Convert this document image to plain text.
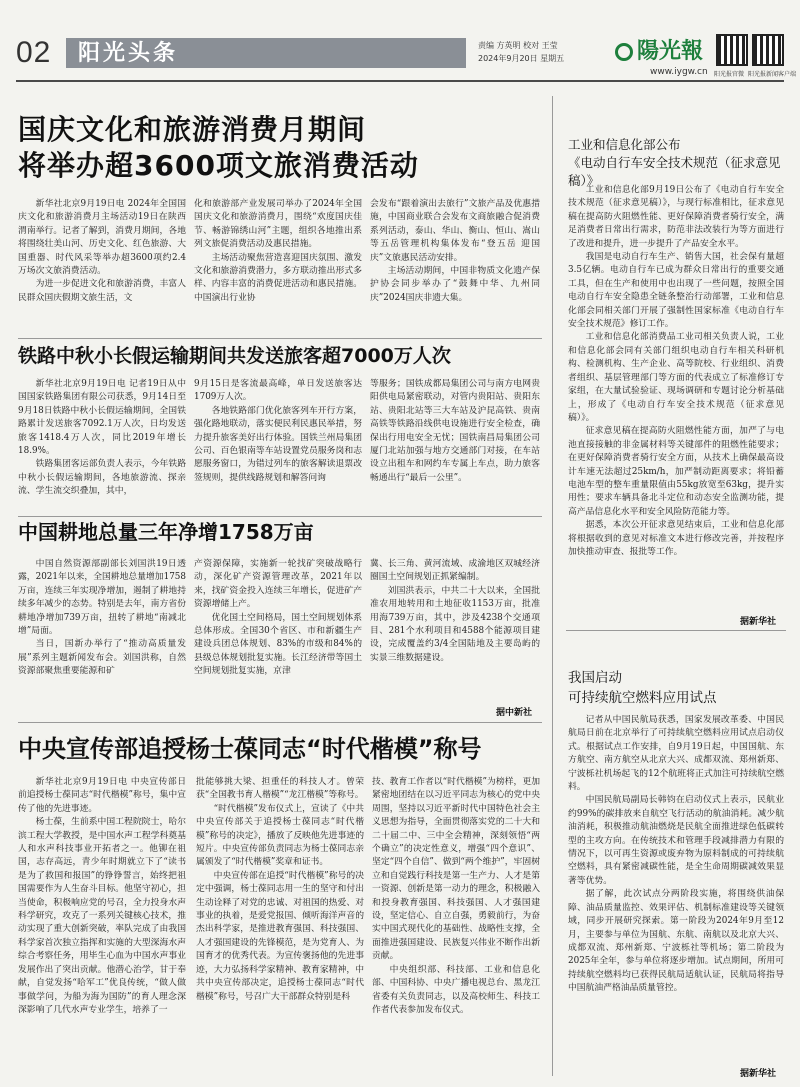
02 阳光头条	责编 方英明 校对 王莹
2024年9月20日 星期五	陽光報
www.iygw.cn 阳光报官微 阳光报新闻客户端
国庆文化和旅游消费月期间
将举办超3600项文旅消费活动

新华社北京9月19日电 2024年全国国庆文化和旅游消费月主场活动19日在陕西渭南举行。记者了解到，消费月期间，各地将围绕壮美山河、历史文化、红色旅游、大国重器、时代风采等举办超3600项约2.4万场次文旅消费活动。

为进一步促进文化和旅游消费，丰富人民群众国庆假期文旅生活，文

化和旅游部产业发展司举办了2024年全国国庆文化和旅游消费月，围绕“欢度国庆佳节、畅游锦绣山河”主题，组织各地推出系列文旅促消费活动及惠民措施。

主场活动聚焦营造喜迎国庆氛围、激发文化和旅游消费潜力，多方联动推出形式多样、内容丰富的消费促进活动和惠民措施。中国演出行业协

会发布“跟着演出去旅行”文旅产品及优惠措施，中国商业联合会发布文商旅融合促消费系列活动，泰山、华山、衡山、恒山、嵩山等五岳管理机构集体发布“登五岳 迎国庆”文旅惠民活动安排。

主场活动期间，中国非物质文化遗产保护协会同步举办了“鼓舞中华、九州同庆”2024国庆非遗大集。

铁路中秋小长假运输期间共发送旅客超7000万人次

新华社北京9月19日电 记者19日从中国国家铁路集团有限公司获悉，9月14日至9月18日铁路中秋小长假运输期间，全国铁路累计发送旅客7092.1万人次，日均发送旅客1418.4万人次，同比2019年增长18.9%。

铁路集团客运部负责人表示，今年铁路中秋小长假运输期间，各地旅游流、探亲流、学生流交织叠加，其中，

9月15日是客流最高峰，单日发送旅客达1709万人次。

各地铁路部门优化旅客列车开行方案，强化路地联动，落实便民利民惠民举措，努力提升旅客美好出行体验。国铁兰州局集团公司、百色银南等车站设置党员服务岗和志愿服务窗口，为错过列车的旅客解读退票改签规则，提供线路规划和解答问询

等服务；国铁成都局集团公司与南方电网贵阳供电局紧密联动，对管内贵阳站、贵阳东站、贵阳北站等三大车站及沪昆高铁、贵南高铁等铁路沿线供电设施进行安全检查，确保出行用电安全无忧；国铁南昌局集团公司厦门北站加强与地方交通部门对接，在车站设立出租车和网约车专属上车点，助力旅客畅通出行“最后一公里”。

中国耕地总量三年净增1758万亩

中国自然资源部副部长刘国洪19日透露，2021年以来，全国耕地总量增加1758万亩，连续三年实现净增加，遏制了耕地持续多年减少的态势。特别是去年，南方省份耕地净增加739万亩，扭转了耕地“南减北增”局面。

当日，国新办举行了“推动高质量发展”系列主题新闻发布会。刘国洪称，自然资源部聚焦重要能源和矿

产资源保障，实施新一轮找矿突破战略行动，深化矿产资源管理改革，2021年以来，找矿资金投入连续三年增长，促进矿产资源增储上产。

优化国土空间格局，国土空间规划体系总体形成。全国30个省区、市和新疆生产建设兵团总体规划、83%的市级和84%的县级总体规划批复实施。长江经济带等国土空间规划批复实施，京津

冀、长三角、黄河流域、成渝地区双城经济圈国土空间规划正抓紧编制。

刘国洪表示，中共二十大以来，全国批准农用地转用和土地征收1153万亩，批准用海739万亩，其中，涉及4238个交通项目、281个水利项目和4588个能源项目建设，完成覆盖约3/4全国陆地及主要岛屿的实景三维数据建设。

据中新社
中央宣传部追授杨士葆同志“时代楷模”称号

新华社北京9月19日电 中央宣传部日前追授杨士葆同志“时代楷模”称号，集中宣传了他的先进事迹。

杨士葆，生前系中国工程院院士，哈尔滨工程大学教授，是中国水声工程学科奠基人和水声科技事业开拓者之一。他铆在祖国，志存高远，青少年时期就立下了“读书是为了救国和报国”的铮铮誓言，始终把祖国需要作为人生奋斗目标。他坚守初心，担当使命，积极响应党的号召，全力投身水声科学研究，攻克了一系列关键核心技术，推动实现了重大创新突破，率队完成了由我国科学家首次独立指挥和实施的大型深海水声综合考察任务，用毕生心血为中国水声事业发展作出了突出贡献。他潜心治学，甘于奉献，自觉发扬“哈军工”优良传统，“做人做事做学问，为船为海为国防”的育人理念深深影响了几代水声专业学生，培养了一

批能够挑大梁、担重任的科技人才。曾荣获“全国教书育人楷模”“龙江楷模”等称号。

“时代楷模”发布仪式上，宣读了《中共中央宣传部关于追授杨士葆同志“时代楷模”称号的决定》，播放了反映他先进事迹的短片。中央宣传部负责同志为杨士葆同志亲属颁发了“时代楷模”奖章和证书。

中央宣传部在追授“时代楷模”称号的决定中强调，杨士葆同志用一生的坚守和付出生动诠释了对党的忠诚、对祖国的热爱、对事业的执着，是爱党报国、倾听海洋声音的杰出科学家，是推进教育强国、科技强国、人才强国建设的先锋模范，是为党育人、为国育才的优秀代表。为宣传褒扬他的先进事迹，大力弘扬科学家精神、教育家精神，中共中央宣传部决定，追授杨士葆同志“时代楷模”称号，号召广大干部群众特别是科

技、教育工作者以“时代楷模”为榜样，更加紧密地团结在以习近平同志为核心的党中央周围，坚持以习近平新时代中国特色社会主义思想为指导，全面贯彻落实党的二十大和二十届二中、三中全会精神，深刻领悟“两个确立”的决定性意义，增强“四个意识”、坚定“四个自信”、做到“两个维护”，牢固树立和自觉践行科技是第一生产力、人才是第一资源、创新是第一动力的理念，积极融入和投身教育强国、科技强国、人才强国建设，坚定信心、自立自强，勇毅前行，为奋实中国式现代化的基础性、战略性支撑，全面推进强国建设、民族复兴伟业不断作出新贡献。

中央组织部、科技部、工业和信息化部、中国科协、中央广播电视总台、黑龙江省委有关负责同志，以及高校师生、科技工作者代表参加发布仪式。

工业和信息化部公布
《电动自行车安全技术规范（征求意见稿）》

工业和信息化部9月19日公布了《电动自行车安全技术规范（征求意见稿）》，与现行标准相比，征求意见稿在提高防火阻燃性能、更好保障消费者骑行安全，满足消费者日常出行需求，防范非法改装行为等方面进行了改进和提升，进一步提升了产品安全水平。

我国是电动自行车生产、销售大国，社会保有量超3.5亿辆。电动自行车已成为群众日常出行的重要交通工具，但在生产和使用中也出现了一些问题，按照全国电动自行车安全隐患全链条整治行动部署，工业和信息化部会同相关部门开展了强制性国家标准《电动自行车安全技术规范》修订工作。

工业和信息化部消费品工业司相关负责人说，工业和信息化部会同有关部门组织电动自行车相关科研机构、检测机构、生产企业、高等院校、行业组织、消费者组织、基层管理部门等方面的代表成立了标准修订专家组，在大量试验验证、现场调研和专题讨论分析基础上，形成了《电动自行车安全技术规范（征求意见稿）》。

征求意见稿在提高防火阻燃性能方面，加严了与电池直接接触的非金属材料等关键部件的阻燃性能要求；在更好保障消费者骑行安全方面，从技术上确保最高设计车速无法超过25km/h，加严制动距离要求；将铅蓄电池车型的整车重量限值由55kg放宽至63kg，提升实用性；要求车辆具备北斗定位和动态安全监测功能，提高产品信息化水平和安全风险防范能力等。

据悉，本次公开征求意见结束后，工业和信息化部将根据收到的意见对标准文本进行修改完善，并按程序加快推动审查、报批等工作。

据新华社
我国启动
可持续航空燃料应用试点

记者从中国民航局获悉，国家发展改革委、中国民航局日前在北京举行了可持续航空燃料应用试点启动仪式。根据试点工作安排，自9月19日起，中国国航、东方航空、南方航空从北京大兴、成都双流、郑州新郑、宁波栎社机场起飞的12个航班将正式加注可持续航空燃料。

中国民航局副局长韩钧在启动仪式上表示，民航业约99%的碳排放来自航空飞行活动的航油消耗。减少航油消耗，积极推动航油燃烧是民航全面推进绿色低碳转型的主攻方向。在传统技术和管理手段减排潜力有限的情况下，以可再生资源或废弃物为原料制成的可持续航空燃料，具有紧密减碳性能，是全生命周期碳减效果显著等优势。

据了解，此次试点分两阶段实施，将围绕供油保障、油品质量监控、效果评估、机制标准建设等关键领域，同步开展研究探索。第一阶段为2024年9月至12月，主要参与单位为国航、东航、南航以及北京大兴、成都双流、郑州新郑、宁波栎社等机场；第二阶段为2025年全年，参与单位将逐步增加。试点期间，所用可持续航空燃料均已获得民航局适航认证，民航局将指导中国航油严格油品质量管控。

据新华社
